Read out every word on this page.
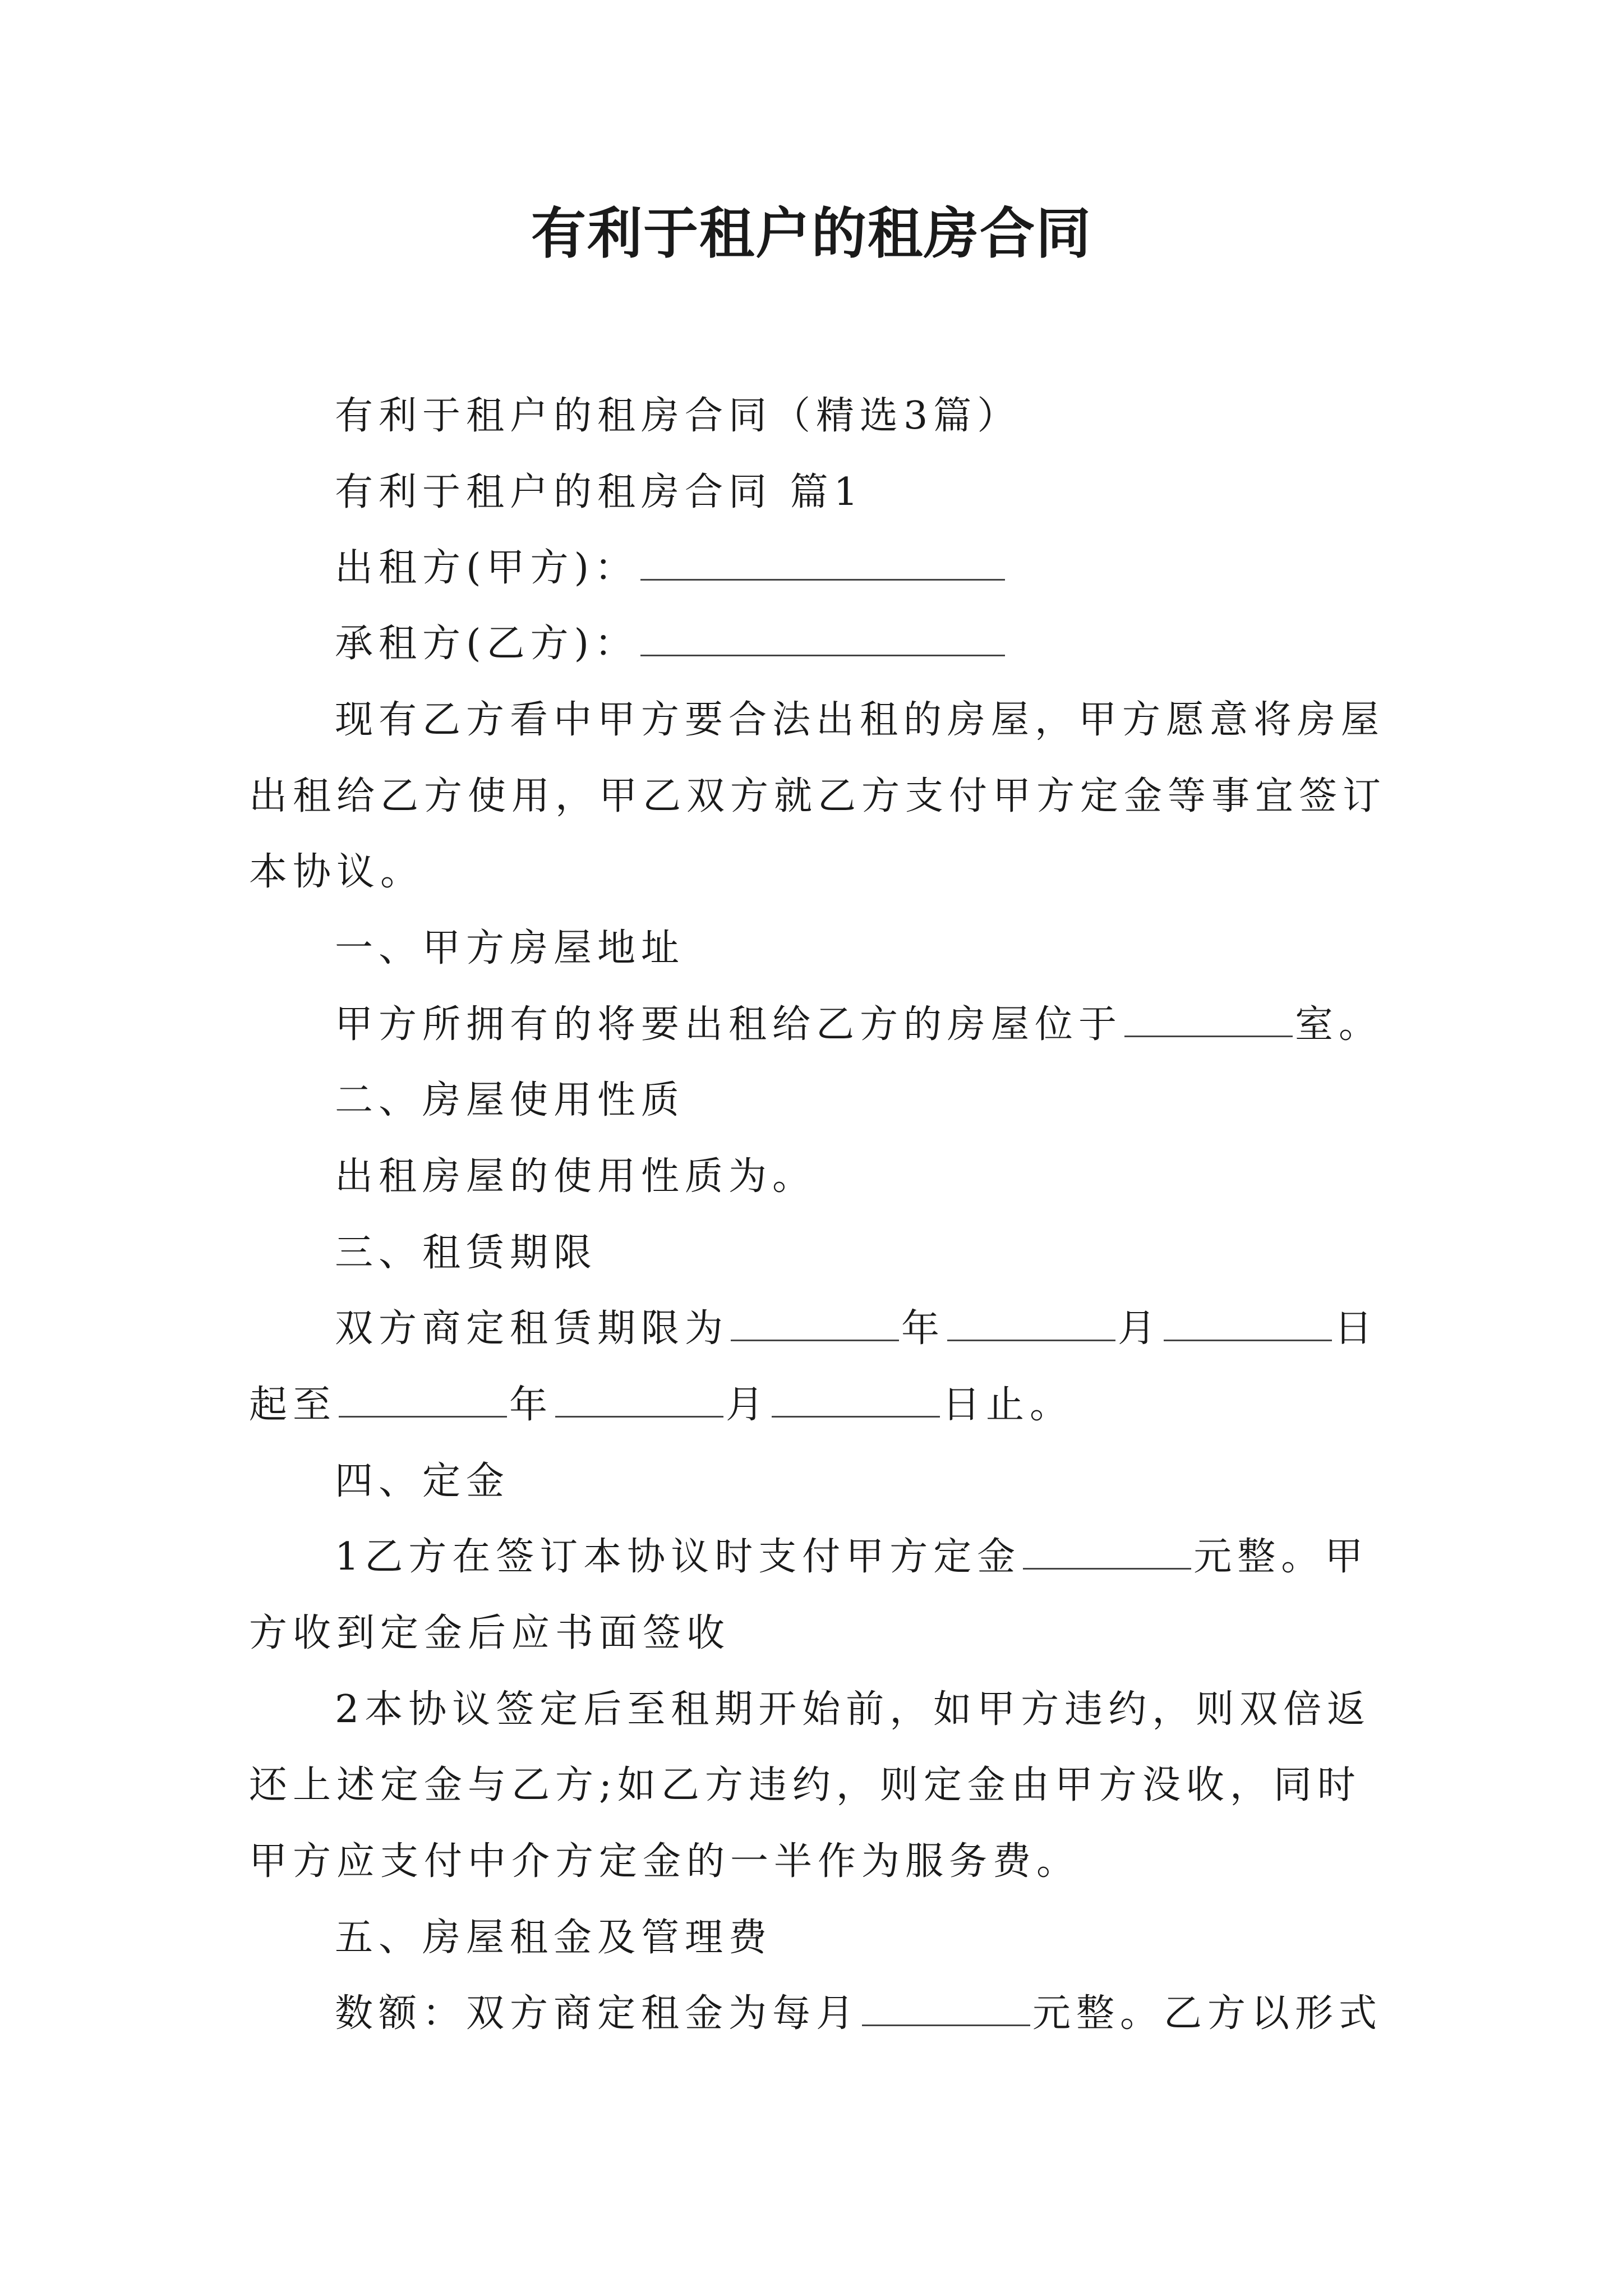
有利于租户的租房合同
有利于租户的租房合同（精选3篇）
有利于租户的租房合同 篇1
出租方(甲方)：
承租方(乙方)：
现有乙方看中甲方要合法出租的房屋，甲方愿意将房屋
出租给乙方使用，甲乙双方就乙方支付甲方定金等事宜签订
本协议。
一、甲方房屋地址
甲方所拥有的将要出租给乙方的房屋位于	室。
二、房屋使用性质
出租房屋的使用性质为。
三、租赁期限
双方商定租赁期限为	年	月	日
起至	年	月	日止。
四、定金
1乙方在签订本协议时支付甲方定金	元整。甲
方收到定金后应书面签收
2本协议签定后至租期开始前，如甲方违约，则双倍返
还上述定金与乙方;如乙方违约，则定金由甲方没收，同时
甲方应支付中介方定金的一半作为服务费。
五、房屋租金及管理费
数额：双方商定租金为每月	元整。乙方以形式
